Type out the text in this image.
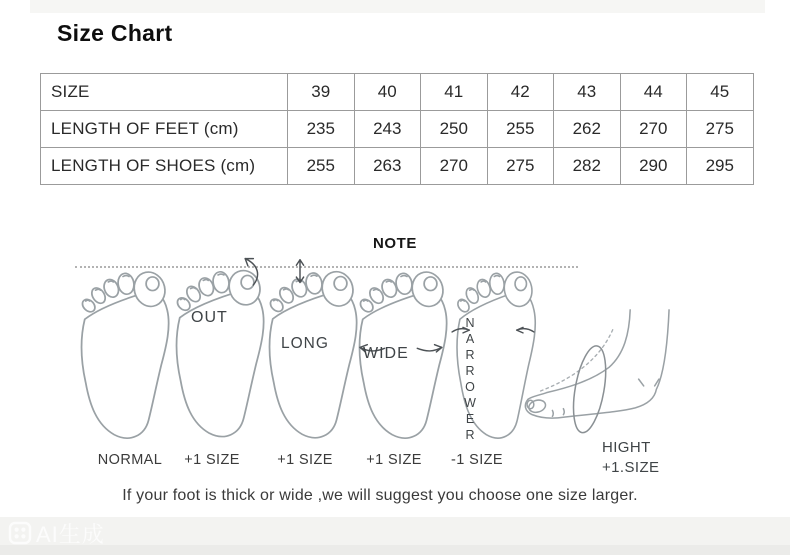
Size Chart
SIZE	39	40	41	42	43	44	45
LENGTH OF FEET (cm)	235	243	250	255	262	270	275
LENGTH OF SHOES (cm)	255	263	270	275	282	290	295
NOTE
OUT
LONG
WIDE	NARROWER
NORMAL	+1 SIZE	+1 SIZE	+1 SIZE	-1 SIZE
HIGHT
+1.SIZE
If your foot is thick or wide ,we will suggest you choose one size larger.
AI生成
